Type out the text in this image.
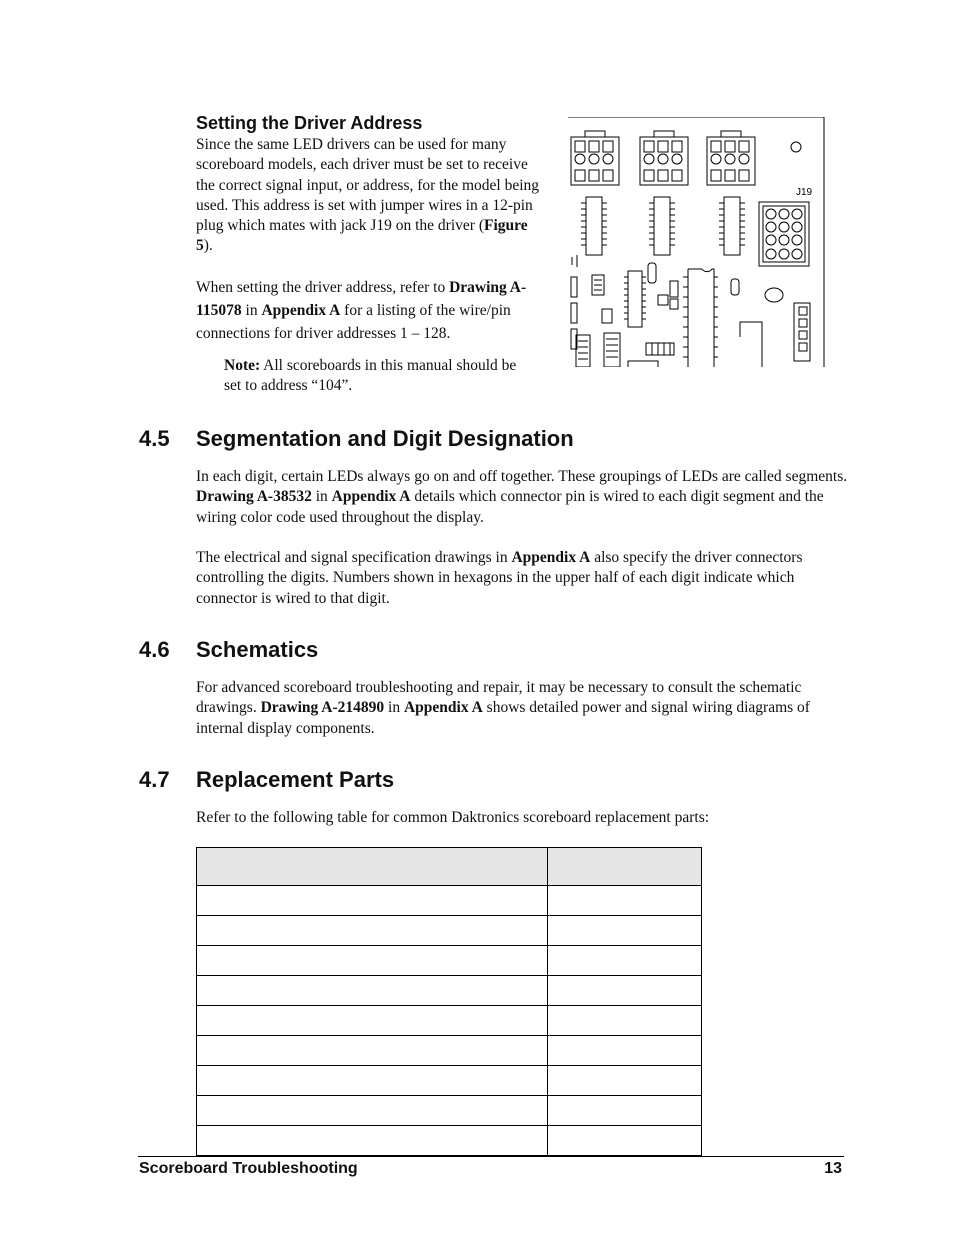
Setting the Driver Address

Since the same LED drivers can be used for many scoreboard models, each driver must be set to receive the correct signal input, or address, for the model being used. This address is set with jumper wires in a 12-pin plug which mates with jack J19 on the driver (Figure 5).

When setting the driver address, refer to Drawing A-115078 in Appendix A for a listing of the wire/pin connections for driver addresses 1 – 128.

Note: All scoreboards in this manual should be set to address “104”.

J19
4.5 Segmentation and Digit Designation

In each digit, certain LEDs always go on and off together. These groupings of LEDs are called segments. Drawing A-38532 in Appendix A details which connector pin is wired to each digit segment and the wiring color code used throughout the display.

The electrical and signal specification drawings in Appendix A also specify the driver connectors controlling the digits. Numbers shown in hexagons in the upper half of each digit indicate which connector is wired to that digit.

4.6 Schematics

For advanced scoreboard troubleshooting and repair, it may be necessary to consult the schematic drawings. Drawing A-214890 in Appendix A shows detailed power and signal wiring diagrams of internal display components.

4.7 Replacement Parts

Refer to the following table for common Daktronics scoreboard replacement parts:

Scoreboard Troubleshooting	13
